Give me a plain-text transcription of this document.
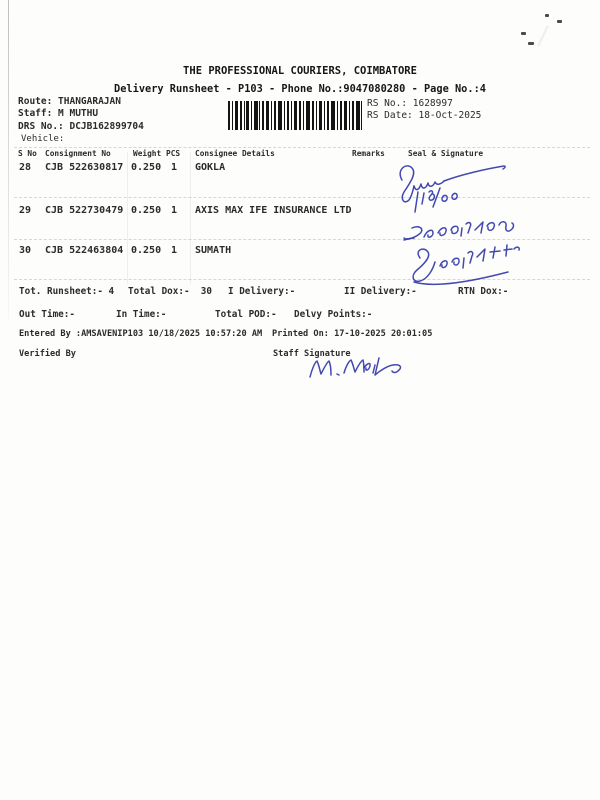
THE PROFESSIONAL COURIERS, COIMBATORE
Delivery Runsheet - P103 - Phone No.:9047080280 - Page No.:4
Route: THANGARAJAN
Staff: M MUTHU
DRS No.: DCJB162899704
Vehicle:
RS No.: 1628997
RS Date: 18-Oct-2025
S No Consignment No	Weight PCS Consignee Details	Remarks	Seal & Signature
28 CJB 522630817 0.250 1 GOKLA
29 CJB 522730479 0.250 1 AXIS MAX IFE INSURANCE LTD
30 CJB 522463804 0.250 1 SUMATH
Tot. Runsheet:- 4 Total Dox:-  30 I Delivery:-	II Delivery:-	RTN Dox:-
Out Time:-	In Time:-	Total POD:- Delvy Points:-
Entered By :AMSAVENIP103 10/18/2025 10:57:20 AM Printed On: 17-10-2025 20:01:05
Verified By	Staff Signature
